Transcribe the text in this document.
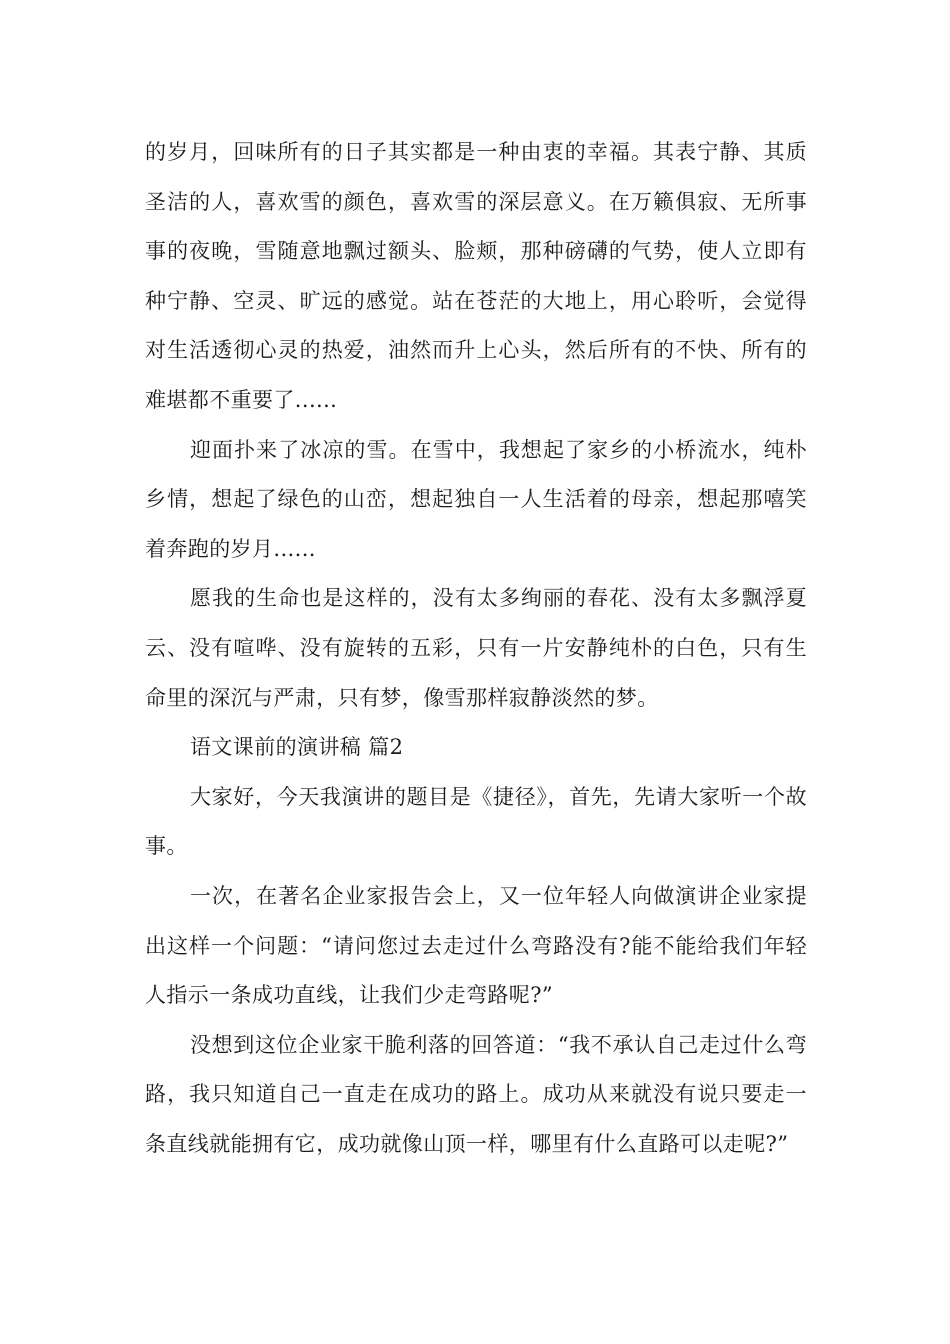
的岁月，回味所有的日子其实都是一种由衷的幸福。其表宁静、其质圣洁的人，喜欢雪的颜色，喜欢雪的深层意义。在万籁俱寂、无所事事的夜晚，雪随意地飘过额头、脸颊，那种磅礴的气势，使人立即有种宁静、空灵、旷远的感觉。站在苍茫的大地上，用心聆听，会觉得对生活透彻心灵的热爱，油然而升上心头，然后所有的不快、所有的难堪都不重要了......

迎面扑来了冰凉的雪。在雪中，我想起了家乡的小桥流水，纯朴乡情，想起了绿色的山峦，想起独自一人生活着的母亲，想起那嘻笑着奔跑的岁月......

愿我的生命也是这样的，没有太多绚丽的春花、没有太多飘浮夏云、没有喧哗、没有旋转的五彩，只有一片安静纯朴的白色，只有生命里的深沉与严肃，只有梦，像雪那样寂静淡然的梦。

语文课前的演讲稿 篇2

大家好，今天我演讲的题目是《捷径》，首先，先请大家听一个故事。

一次，在著名企业家报告会上，又一位年轻人向做演讲企业家提出这样一个问题：“请问您过去走过什么弯路没有?能不能给我们年轻人指示一条成功直线，让我们少走弯路呢?”

没想到这位企业家干脆利落的回答道：“我不承认自己走过什么弯路，我只知道自己一直走在成功的路上。成功从来就没有说只要走一条直线就能拥有它，成功就像山顶一样，哪里有什么直路可以走呢?”
